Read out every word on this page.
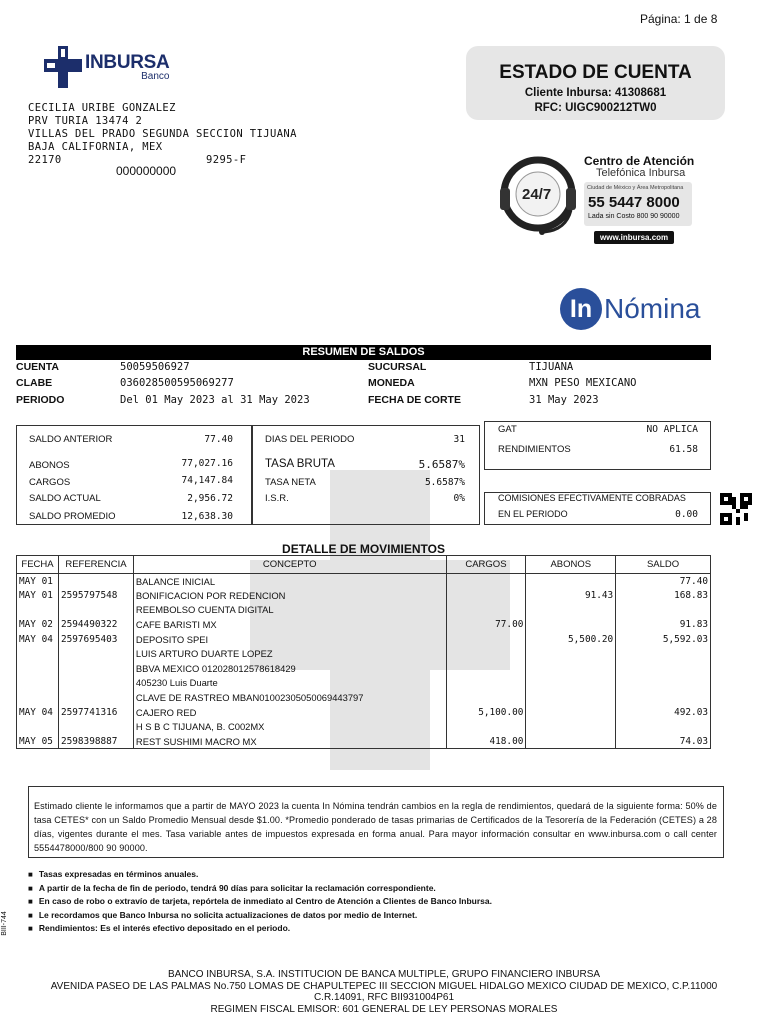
Página: 1 de 8
INBURSA
Banco
CECILIA URIBE GONZALEZ
PRV TURIA 13474 2
VILLAS DEL PRADO SEGUNDA SECCION TIJUANA
BAJA CALIFORNIA, MEX
22170	9295-F
000000000
ESTADO DE CUENTA
Cliente Inbursa: 41308681
RFC: UIGC900212TW0
24/7
Centro de Atención
Telefónica Inbursa
Ciudad de México y Área Metropolitana
55 5447 8000
Lada sin Costo 800 90 90000
www.inbursa.com
In Nómina
RESUMEN DE SALDOS
CUENTA	50059506927
CLABE	036028500595069277
PERIODO	Del 01 May 2023 al 31 May 2023
SUCURSAL	TIJUANA
MONEDA	MXN PESO MEXICANO
FECHA DE CORTE	31 May 2023
SALDO ANTERIOR	77.40
ABONOS	77,027.16
CARGOS	74,147.84
SALDO ACTUAL	2,956.72
SALDO PROMEDIO	12,638.30
DIAS DEL PERIODO	31
TASA BRUTA	5.6587%
TASA NETA	5.6587%
I.S.R.	0%
GAT	NO APLICA
RENDIMIENTOS	61.58
COMISIONES EFECTIVAMENTE COBRADAS
EN EL PERIODO	0.00
DETALLE DE MOVIMIENTOS
FECHA	REFERENCIA	CONCEPTO	CARGOS	ABONOS	SALDO
MAY 01		BALANCE INICIAL			77.40
MAY 01	2595797548	BONIFICACION POR REDENCION		91.43	168.83
		REEMBOLSO CUENTA DIGITAL			
MAY 02	2594490322	CAFE BARISTI MX	77.00		91.83
MAY 04	2597695403	DEPOSITO SPEI		5,500.20	5,592.03
		LUIS ARTURO DUARTE LOPEZ			
		BBVA MEXICO 012028012578618429			
		405230 Luis Duarte			
		CLAVE DE RASTREO MBAN01002305050069443797			
MAY 04	2597741316	CAJERO RED	5,100.00		492.03
		H S B C TIJUANA, B. C002MX			
MAY 05	2598398887	REST SUSHIMI MACRO MX	418.00		74.03
Estimado cliente le informamos que a partir de MAYO 2023 la cuenta In Nómina tendrán cambios en la regla de rendimientos, quedará de la siguiente forma: 50% de tasa CETES* con un Saldo Promedio Mensual desde $1.00. *Promedio ponderado de tasas primarias de Certificados de la Tesorería de la Federación (CETES) a 28 días, vigentes durante el mes. Tasa variable antes de impuestos expresada en forma anual. Para mayor información consultar en www.inbursa.com o call center 5554478000/800 90 90000.
■ Tasas expresadas en términos anuales.
■ A partir de la fecha de fin de periodo, tendrá 90 días para solicitar la reclamación correspondiente.
■ En caso de robo o extravío de tarjeta, repórtela de inmediato al Centro de Atención a Clientes de Banco Inbursa.
■ Le recordamos que Banco Inbursa no solicita actualizaciones de datos por medio de Internet.
■ Rendimientos: Es el interés efectivo depositado en el periodo.
BIII-744
BANCO INBURSA, S.A. INSTITUCION DE BANCA MULTIPLE, GRUPO FINANCIERO INBURSA
AVENIDA PASEO DE LAS PALMAS No.750 LOMAS DE CHAPULTEPEC III SECCION MIGUEL HIDALGO MEXICO CIUDAD DE MEXICO, C.P.11000
C.R.14091, RFC BII931004P61
REGIMEN FISCAL EMISOR: 601 GENERAL DE LEY PERSONAS MORALES
